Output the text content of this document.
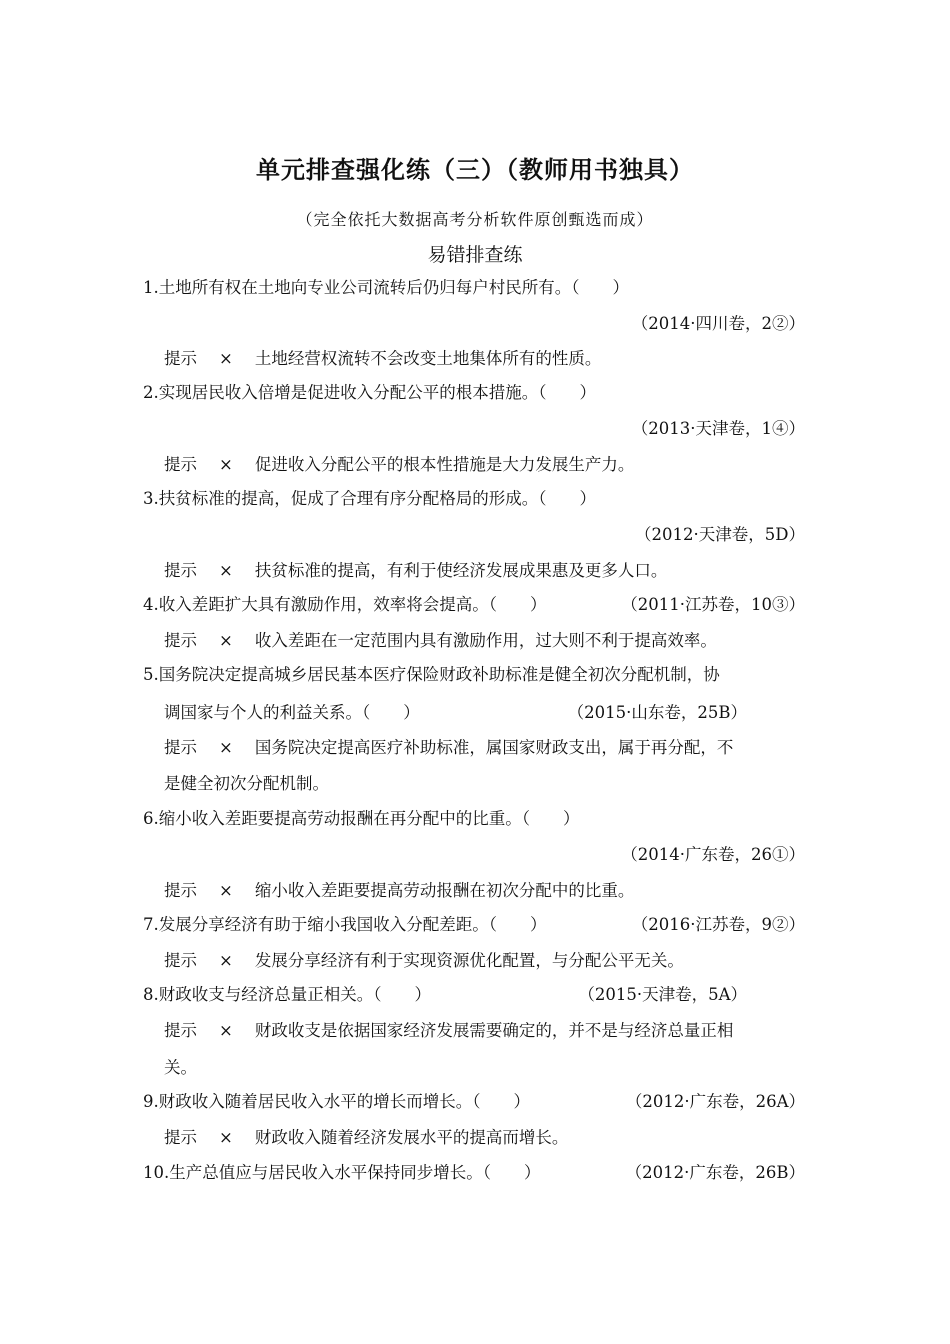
单元排查强化练（三）（教师用书独具）
（完全依托大数据高考分析软件原创甄选而成）
易错排查练
1.土地所有权在土地向专业公司流转后仍归每户村民所有。（　　）
（2014·四川卷，2②）
提示 × 土地经营权流转不会改变土地集体所有的性质。
2.实现居民收入倍增是促进收入分配公平的根本措施。（　　）
（2013·天津卷，1④）
提示 × 促进收入分配公平的根本性措施是大力发展生产力。
3.扶贫标准的提高，促成了合理有序分配格局的形成。（　　）
（2012·天津卷，5D）
提示 × 扶贫标准的提高，有利于使经济发展成果惠及更多人口。
4.收入差距扩大具有激励作用，效率将会提高。（　　）	（2011·江苏卷，10③）
提示 × 收入差距在一定范围内具有激励作用，过大则不利于提高效率。
5.国务院决定提高城乡居民基本医疗保险财政补助标准是健全初次分配机制，协
调国家与个人的利益关系。（　　）	（2015·山东卷，25B）
提示 × 国务院决定提高医疗补助标准，属国家财政支出，属于再分配，不
是健全初次分配机制。
6.缩小收入差距要提高劳动报酬在再分配中的比重。（　　）
（2014·广东卷，26①）
提示 × 缩小收入差距要提高劳动报酬在初次分配中的比重。
7.发展分享经济有助于缩小我国收入分配差距。（　　）	（2016·江苏卷，9②）
提示 × 发展分享经济有利于实现资源优化配置，与分配公平无关。
8.财政收支与经济总量正相关。（　　）	（2015·天津卷，5A）
提示 × 财政收支是依据国家经济发展需要确定的，并不是与经济总量正相
关。
9.财政收入随着居民收入水平的增长而增长。（　　）	（2012·广东卷，26A）
提示 × 财政收入随着经济发展水平的提高而增长。
10.生产总值应与居民收入水平保持同步增长。（　　）	（2012·广东卷，26B）
